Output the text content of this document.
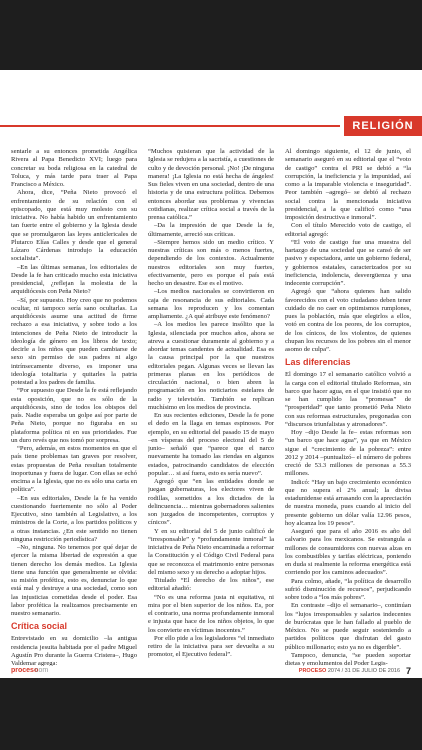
RELIGIÓN

sentarle a su entonces prometida Angélica Rivera al Papa Benedicto XVI; luego para concretar su boda religiosa en la catedral de Toluca, y más tarde para traer al Papa Francisco a México.

Ahora, dice, “Peña Nieto provocó el enfrentamiento de su relación con el episcopado, que está muy molesto con su iniciativa. No había habido un enfrentamiento tan fuerte entre el gobierno y la Iglesia desde que se promulgaron las leyes anticlericales de Plutarco Elías Calles y desde que el general Lázaro Cárdenas introdujo la educación socialista”.

–En las últimas semanas, los editoriales de Desde la fe han criticado mucho esta iniciativa presidencial, ¿reflejan la molestia de la arquidiócesis con Peña Nieto?

–Sí, por supuesto. Hoy creo que no podemos ocultar, ni tampoco sería sano ocultarlas. La arquidiócesis asume una actitud de firme rechazo a esa iniciativa, y sobre todo a los intenciones de Peña Nieto de introducir la ideología de género en los libros de texto; decirle a los niños que pueden cambiarse de sexo sin permiso de sus padres ni algo intrínsecamente diverso, es imponer una ideología totalitaria y quitarles la patria potestad a los padres de familia.

“Por supuesto que Desde la fe está reflejando esta oposición, que no es sólo de la arquidiócesis, sino de todos los obispos del país. Nadie esperaba un golpe así por parte de Peña Nieto, porque no figuraba en su plataforma política ni en sus prioridades. Fue un duro revés que nos tomó por sorpresa.

“Pero, además, en estos momentos en que el país tiene problemas tan graves por resolver, estas propuestas de Peña resultan totalmente inoportunas y fuera de lugar. Con ellas se echó encima a la Iglesia, que no es sólo una carta en política”.

–En sus editoriales, Desde la fe ha venido cuestionando fuertemente no sólo al Poder Ejecutivo, sino también al Legislativo, a los ministros de la Corte, a los partidos políticos y a otras instancias. ¿En este sentido no tienen ninguna restricción periodística?

–No, ninguna. No tenemos por qué dejar de ejercer la misma libertad de expresión a que tienen derecho los demás medios. La Iglesia tiene una función que generalmente se olvida: su misión profética, esto es, denunciar lo que está mal y destruye a una sociedad, como son las injusticias cometidas desde el poder. Esa labor profética la realizamos precisamente en nuestro semanario.

Crítica social

Entrevistado en su domicilio –la antigua residencia jesuita habitada por el padre Miguel Agustín Pro durante la Guerra Cristera–, Hugo Valdemar agrega:

“Muchos quisieran que la actividad de la Iglesia se redujera a la sacristía, a cuestiones de culto y de devoción personal. ¡No! ¡De ninguna manera! ¡La Iglesia no está hecha de ángeles! Sus fieles viven en una sociedad, dentro de una historia y de una estructura política. Debemos entonces abordar sus problemas y vivencias cotidianas, realizar crítica social a través de la prensa católica.”

–Da la impresión de que Desde la fe, últimamente, arreció sus críticas.

–Siempre hemos sido un medio crítico. Y nuestras críticas son más o menos fuertes, dependiendo de los contextos. Actualmente nuestros editoriales son muy fuertes, efectivamente, pero es porque el país está hecho un desastre. Ese es el motivo.

–Los medios nacionales se convirtieron en caja de resonancia de sus editoriales. Cada semana los reproducen y los comentan ampliamente. ¿A qué atribuye este fenómeno?

–A los medios les parece insólito que la Iglesia, silenciada por muchos años, ahora se atreva a cuestionar duramente al gobierno y a abordar temas candentes de actualidad. Esa es la causa principal por la que nuestros editoriales pegan. Algunas veces se llevan las primeras planas en los periódicos de circulación nacional, o bien abren la programación en los noticiarios estelares de radio y televisión. También se replican muchísimo en los medios de provincia.

En sus recientes ediciones, Desde la fe pone el dedo en la llaga en temas espinosos. Por ejemplo, en su editorial del pasado 15 de mayo –en vísperas del proceso electoral del 5 de junio– señaló que “parece que el narco nuevamente ha tomado las riendas en algunos estados, patrocinando candidatos de elección popular… si así fuera, esto es sería nuevo”.

Agregó que “en las entidades donde se juegan gubernaturas, los electores viven de rodillas, sometidos a los dictados de la delincuencia… mientras gobernadores salientes son juzgados de incompetentes, corruptos y cínicos”.

Y en su editorial del 5 de junio calificó de “irresponsable” y “profundamente inmoral” la iniciativa de Peña Nieto encaminada a reformar la Constitución y el Código Civil Federal para que se reconozca el matrimonio entre personas del mismo sexo y su derecho a adoptar hijos.

Titulado “El derecho de los niños”, ese editorial añadió:

“No es una reforma justa ni equitativa, ni mira por el bien superior de los niños. Es, por el contrario, una norma profundamente inmoral e injusta que hace de los niños objetos, lo que los convierte en víctimas inocentes.”

Por ello pide a los legisladores “el inmediato retiro de la iniciativa para ser devuelta a su promotor, el Ejecutivo federal”.

Al domingo siguiente, el 12 de junio, el semanario aseguró en su editorial que el “voto de castigo” contra el PRI se debió a “la corrupción, la ineficiencia y la impunidad, así como a la imparable violencia e inseguridad”. Peor también –agregó– se debió al rechazo social contra la mencionada iniciativa presidencial, a la que calificó como “una imposición destructiva e inmoral”.

Con el título Merecido voto de castigo, el editorial agregó:

“El voto de castigo fue una muestra del hartazgo de una sociedad que se cansó de ser pasivo y espectadora, ante un gobierno federal, y gobiernos estatales, caracterizados por su ineficiencia, indolencia, desvergüenza y una indecente corrupción”.

Agregó que “ahora quienes han salido favorecidos con el voto ciudadano deben tener cuidado de no caer en optimismos rumplones, pues la población, más que elegirlos a ellos, votó en contra de los peores, de los corruptos, de los cínicos, de los violentos, de quienes chupan los recursos de los pobres sin el menor asomo de culpa”.

Las diferencias

El domingo 17 el semanario católico volvió a la carga con el editorial titulado Reformas, sin barco que hacer agua, en el que insistió que no se han cumplido las “promesas” de “prosperidad” que tanto prometió Peña Nieto con sus reformas estructurales, pregonadas con “discursos triunfalistas y atronadores”.

Hoy –dijo Desde la fe– estas reformas son “un barco que hace agua”, ya que en México sigue el “crecimiento de la pobreza”: entre 2012 y 2014 –puntualizó– el número de pobres creció de 53.3 millones de personas a 55.3 millones.

Indicó: “Hay un bajo crecimiento económico que no supera el 2% anual; la divisa estadunidense está arrasando con la apreciación de nuestra moneda, pues cuando al inicio del presente gobierno un dólar valía 12.96 pesos, hoy alcanza los 19 pesos”.

Aseguró que para el año 2016 es año del calvario para los mexicanos. Se estrangula a millones de consumidores con nuevas alzas en los combustibles y tarifas eléctricas, poniendo en duda si realmente la reforma energética está corriendo por los caminos adecuados”.

Para colmo, añade, “la política de desarrollo sufrió disminución de recursos”, perjudicando sobre todo a “los más pobres”.

En contraste –dijo el semanario–, continúan los “lujos irresponsables y salarios indecentes de burócratas que le han fallado al pueblo de México. No se puede seguir sosteniendo a partidos políticos que disfrutan del gasto público millonario; esto ya no es digerible”.

Tampoco, denuncia, “se pueden soportar dietas y emolumentos del Poder Legis-

proceso
com	PROCESO 2074 / 31 DE JULIO DE 2016 7
